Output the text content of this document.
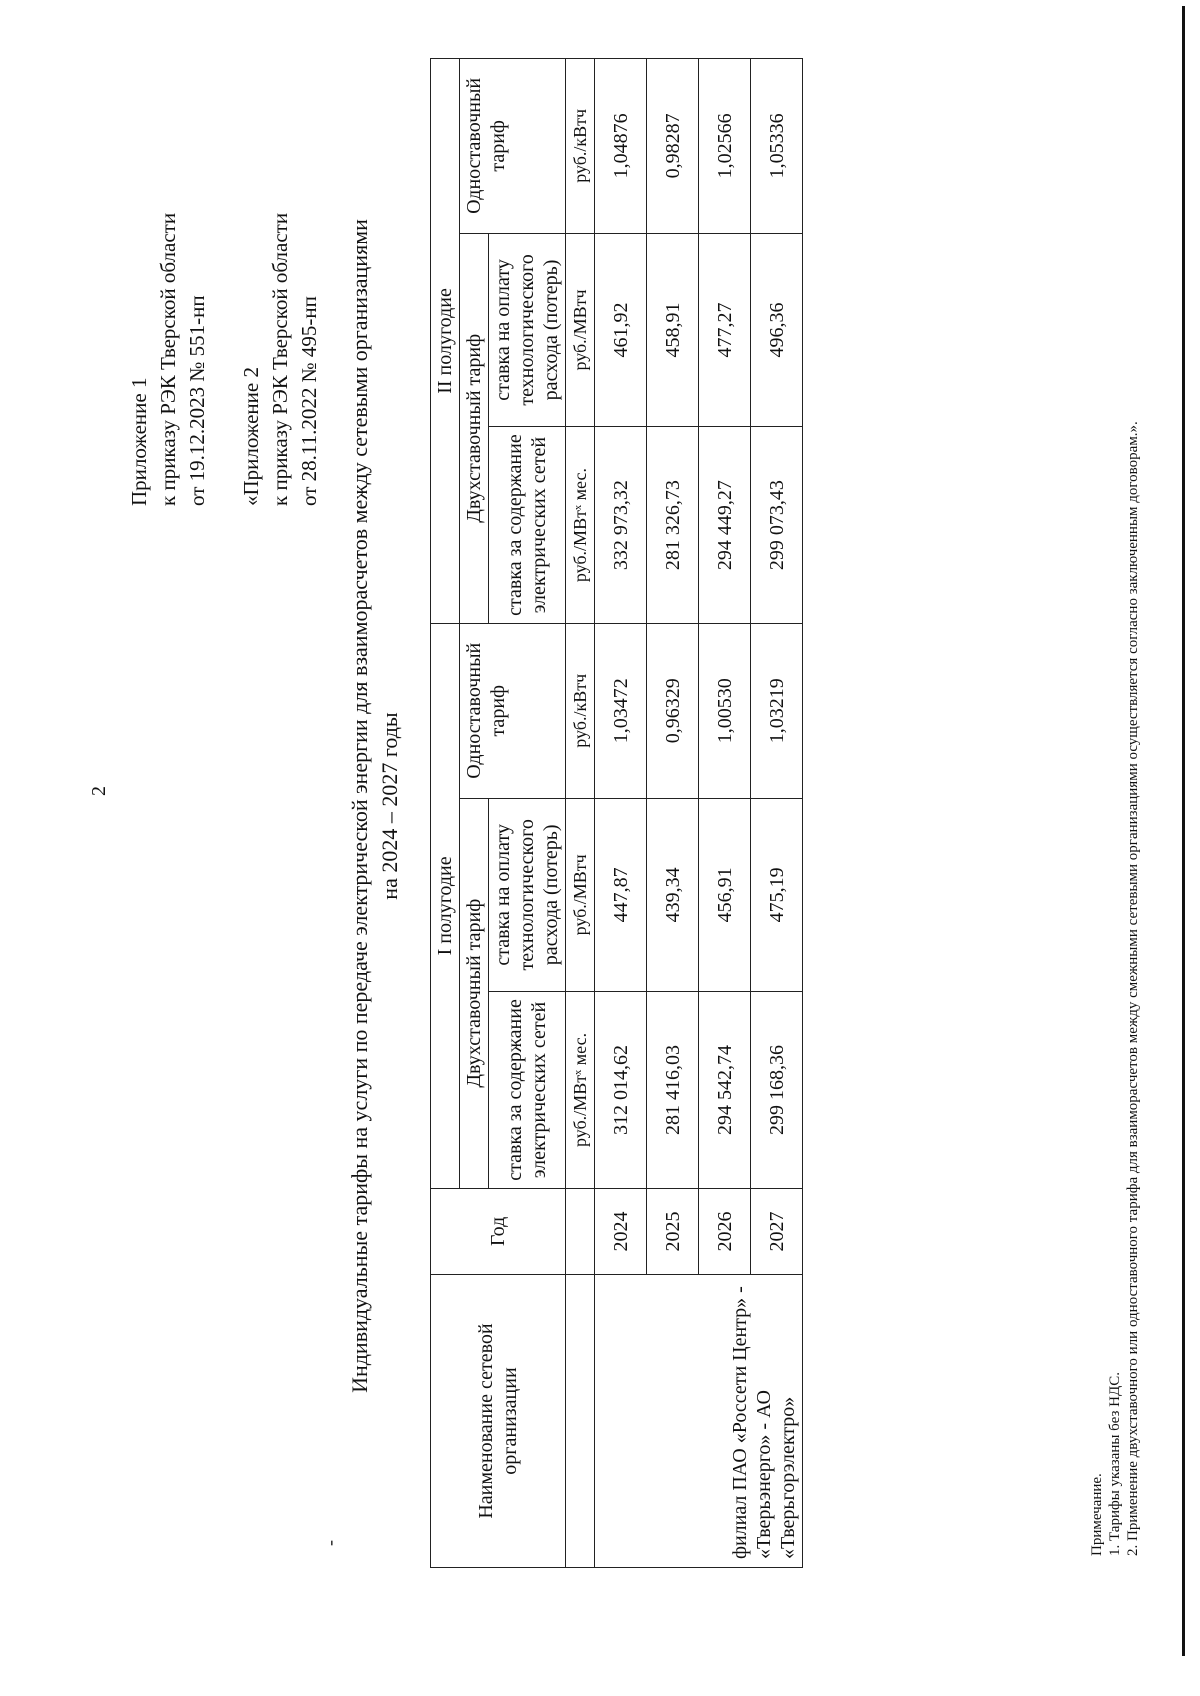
2
Приложение 1 к приказу РЭК Тверской области от 19.12.2023 № 551-нп «Приложение 2 к приказу РЭК Тверской области от 28.11.2022 № 495-нп
-
Индивидуальные тарифы на услуги по передаче электрической энергии для взаиморасчетов между сетевыми организациями на 2024 – 2027 годы
Наименование сетевой организации	Год	I полугодие			II полугодие		
		Двухставочный тариф		Одноставочный тариф	Двухставочный тариф		Одноставочный тариф
		ставка за содержание электрических сетей	ставка на оплату технологического расхода (потерь)		ставка за содержание электрических сетей	ставка на оплату технологического расхода (потерь)	
		руб./МВтˣ мес.	руб./МВтч	руб./кВтч	руб./МВтˣ мес.	руб./МВтч	руб./кВтч
филиал ПАО «Россети Центр» - «Тверьэнерго» - АО «Тверьгорэлектро»	2024	312 014,62	447,87	1,03472	332 973,32	461,92	1,04876
	2025	281 416,03	439,34	0,96329	281 326,73	458,91	0,98287
	2026	294 542,74	456,91	1,00530	294 449,27	477,27	1,02566
	2027	299 168,36	475,19	1,03219	299 073,43	496,36	1,05336
Примечание. 1. Тарифы указаны без НДС. 2. Применение двухставочного или одноставочного тарифа для взаиморасчетов между смежными сетевыми организациями осуществляется согласно заключенным договорам.».
